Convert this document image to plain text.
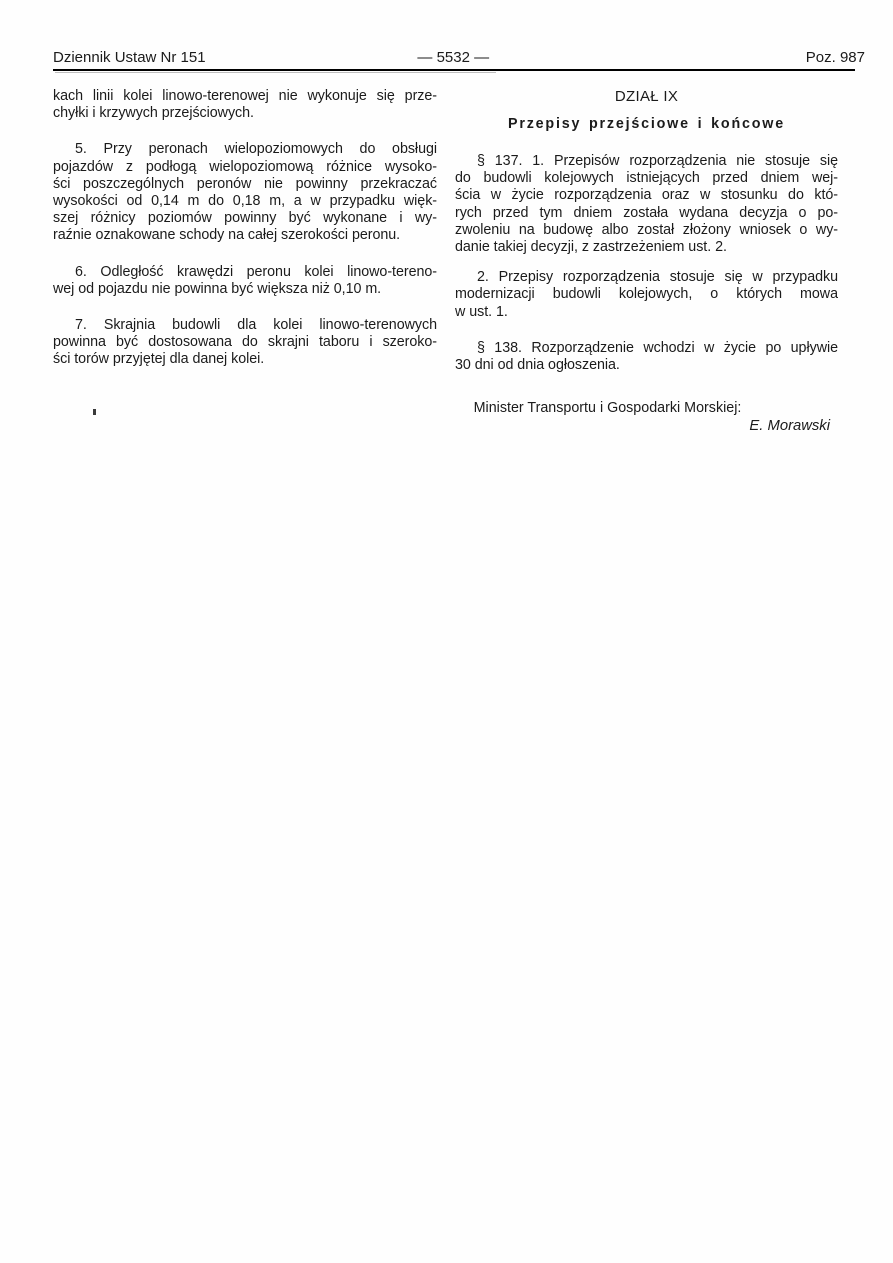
Dziennik Ustaw Nr 151	— 5532 —	Poz. 987

kach linii kolei linowo-terenowej nie wykonuje się prze-
chyłki i krzywych przejściowych.

5. Przy peronach wielopoziomowych do obsługi
pojazdów z podłogą wielopoziomową różnice wysoko-
ści poszczególnych peronów nie powinny przekraczać
wysokości od 0,14 m do 0,18 m, a w przypadku więk-
szej różnicy poziomów powinny być wykonane i wy-
raźnie oznakowane schody na całej szerokości peronu.

6. Odległość krawędzi peronu kolei linowo-tereno-
wej od pojazdu nie powinna być większa niż 0,10 m.

7. Skrajnia budowli dla kolei linowo-terenowych
powinna być dostosowana do skrajni taboru i szeroko-
ści torów przyjętej dla danej kolei.

DZIAŁ IX
Przepisy przejściowe i końcowe

§ 137. 1. Przepisów rozporządzenia nie stosuje się
do budowli kolejowych istniejących przed dniem wej-
ścia w życie rozporządzenia oraz w stosunku do któ-
rych przed tym dniem została wydana decyzja o po-
zwoleniu na budowę albo został złożony wniosek o wy-
danie takiej decyzji, z zastrzeżeniem ust. 2.

2. Przepisy rozporządzenia stosuje się w przypadku
modernizacji budowli kolejowych, o których mowa
w ust. 1.

§ 138. Rozporządzenie wchodzi w życie po upływie
30 dni od dnia ogłoszenia.

Minister Transportu i Gospodarki Morskiej:
E. Morawski
